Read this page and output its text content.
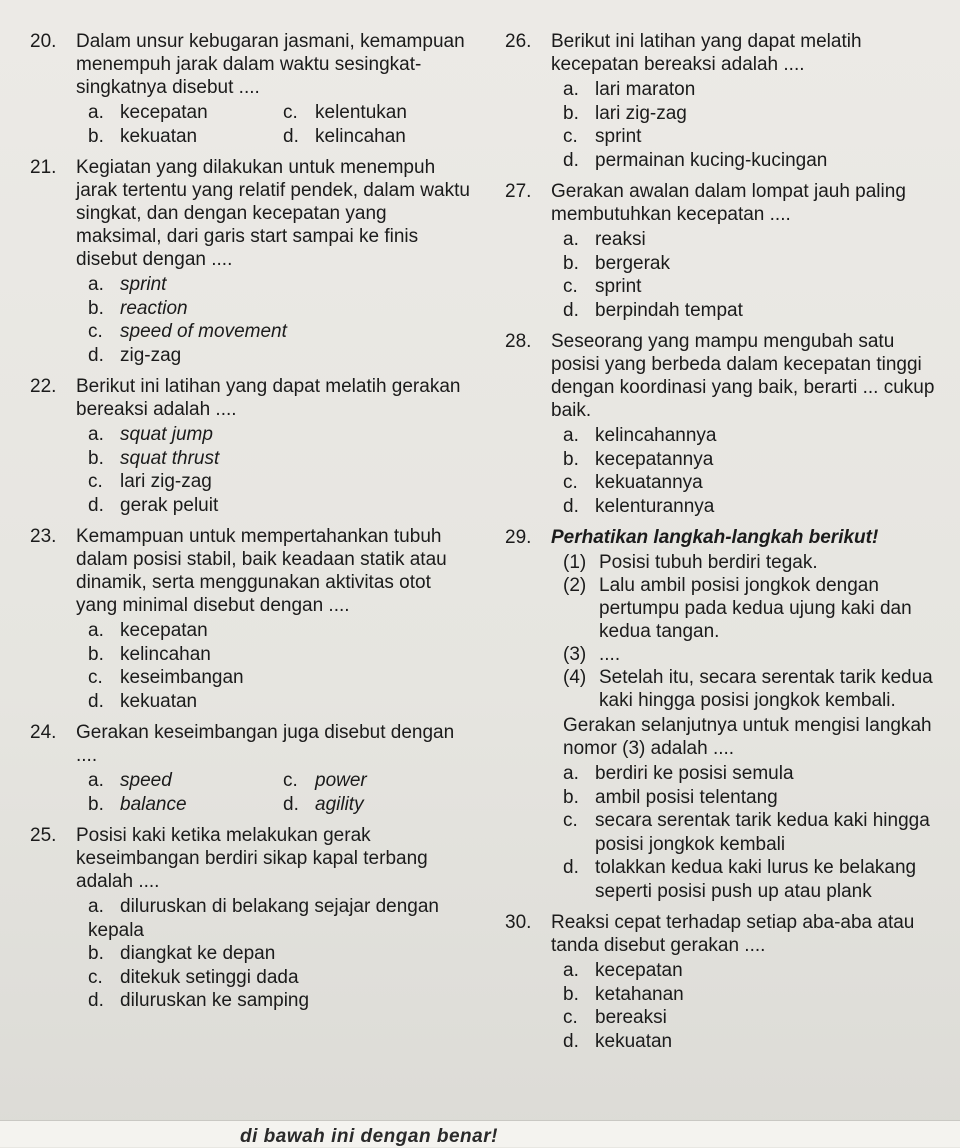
20. Dalam unsur kebugaran jasmani, kemampuan menempuh jarak dalam waktu sesingkat-singkatnya disebut ....
a. kecepatan	c. kelentukan
b. kekuatan	d. kelincahan
21. Kegiatan yang dilakukan untuk menempuh jarak tertentu yang relatif pendek, dalam waktu singkat, dan dengan kecepatan yang maksimal, dari garis start sampai ke finis disebut dengan ....
a. sprint
b. reaction
c. speed of movement
d. zig-zag
22. Berikut ini latihan yang dapat melatih gerakan bereaksi adalah ....
a. squat jump
b. squat thrust
c. lari zig-zag
d. gerak peluit
23. Kemampuan untuk mempertahankan tubuh dalam posisi stabil, baik keadaan statik atau dinamik, serta menggunakan aktivitas otot yang minimal disebut dengan ....
a. kecepatan
b. kelincahan
c. keseimbangan
d. kekuatan
24. Gerakan keseimbangan juga disebut dengan ....
a. speed	c. power
b. balance	d. agility
25. Posisi kaki ketika melakukan gerak keseimbangan berdiri sikap kapal terbang adalah ....
a. diluruskan di belakang sejajar dengan kepala
b. diangkat ke depan
c. ditekuk setinggi dada
d. diluruskan ke samping
26. Berikut ini latihan yang dapat melatih kecepatan bereaksi adalah ....
a. lari maraton
b. lari zig-zag
c. sprint
d. permainan kucing-kucingan
27. Gerakan awalan dalam lompat jauh paling membutuhkan kecepatan ....
a. reaksi
b. bergerak
c. sprint
d. berpindah tempat
28. Seseorang yang mampu mengubah satu posisi yang berbeda dalam kecepatan tinggi dengan koordinasi yang baik, berarti ... cukup baik.
a. kelincahannya
b. kecepatannya
c. kekuatannya
d. kelenturannya
29. Perhatikan langkah-langkah berikut!
(1) Posisi tubuh berdiri tegak.
(2) Lalu ambil posisi jongkok dengan pertumpu pada kedua ujung kaki dan kedua tangan.
(3) ....
(4) Setelah itu, secara serentak tarik kedua kaki hingga posisi jongkok kembali.
Gerakan selanjutnya untuk mengisi langkah nomor (3) adalah ....
a. berdiri ke posisi semula
b. ambil posisi telentang
c. secara serentak tarik kedua kaki hingga posisi jongkok kembali
d. tolakkan kedua kaki lurus ke belakang seperti posisi push up atau plank
30. Reaksi cepat terhadap setiap aba-aba atau tanda disebut gerakan ....
a. kecepatan
b. ketahanan
c. bereaksi
d. kekuatan
di bawah ini dengan benar!
